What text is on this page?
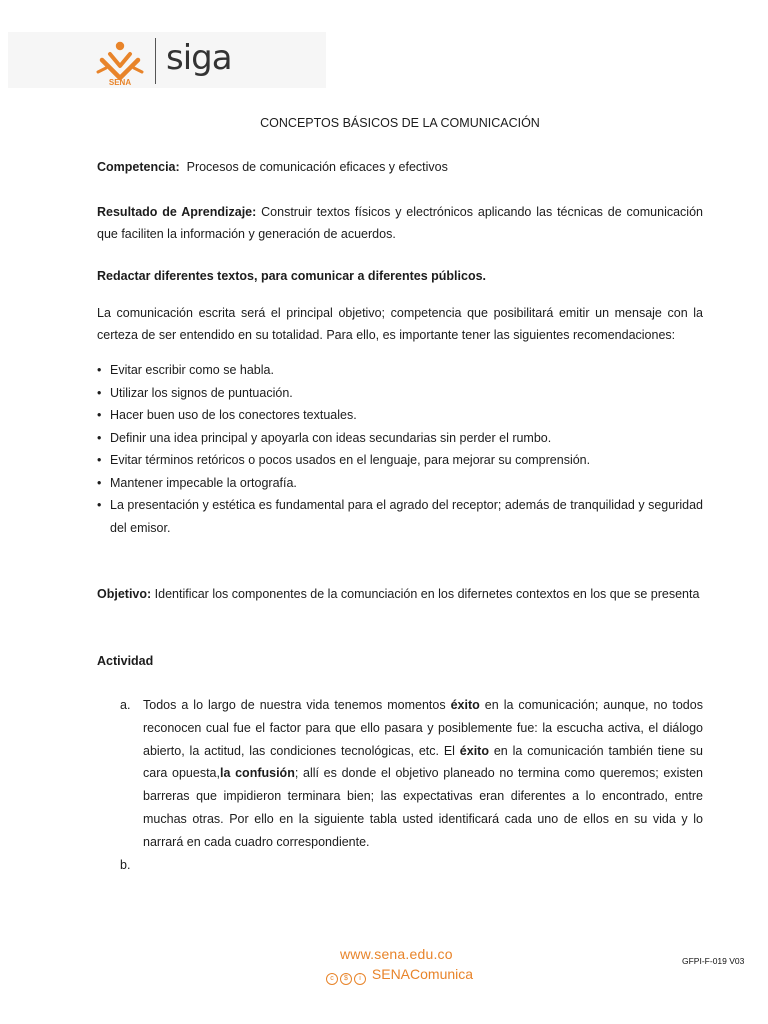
SENA
siga
CONCEPTOS BÁSICOS DE LA COMUNICACIÓN
Competencia: Procesos de comunicación eficaces y efectivos
Resultado de Aprendizaje: Construir textos físicos y electrónicos aplicando las técnicas de comunicación que faciliten la información y generación de acuerdos.
Redactar diferentes textos, para comunicar a diferentes públicos.
La comunicación escrita será el principal objetivo; competencia que posibilitará emitir un mensaje con la certeza de ser entendido en su totalidad. Para ello, es importante tener las siguientes recomendaciones:
• Evitar escribir como se habla.
• Utilizar los signos de puntuación.
• Hacer buen uso de los conectores textuales.
• Definir una idea principal y apoyarla con ideas secundarias sin perder el rumbo.
• Evitar términos retóricos o pocos usados en el lenguaje, para mejorar su comprensión.
• Mantener impecable la ortografía.
• La presentación y estética es fundamental para el agrado del receptor; además de tranquilidad y seguridad del emisor.
Objetivo: Identificar los componentes de la comunciación en los difernetes contextos en los que se presenta
Actividad
a. Todos a lo largo de nuestra vida tenemos momentos éxito en la comunicación; aunque, no todos reconocen cual fue el factor para que ello pasara y posiblemente fue: la escucha activa, el diálogo abierto, la actitud, las condiciones tecnológicas, etc. El éxito en la comunicación también tiene su cara opuesta,la confusión; allí es donde el objetivo planeado no termina como queremos; existen barreras que impidieron terminara bien; las expectativas eran diferentes a lo encontrado, entre muchas otras. Por ello en la siguiente tabla usted identificará cada uno de ellos en su vida y lo narrará en cada cuadro correspondiente.
b.

www.sena.edu.co
c $ i SENAComunica
GFPI-F-019 V03
